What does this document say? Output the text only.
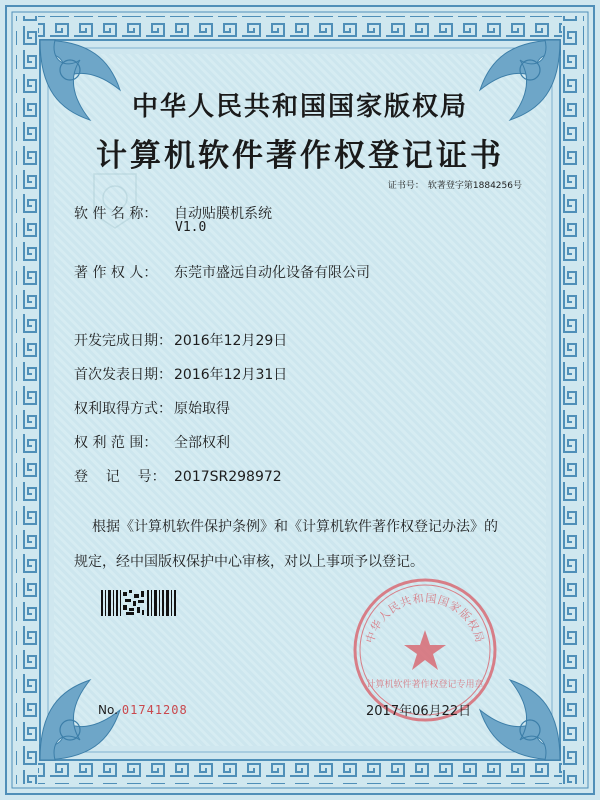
中华人民共和国国家版权局
计算机软件著作权登记证书
证书号： 软著登字第1884256号
软 件 名 称： 自动贴膜机系统
V1.0
著 作 权 人： 东莞市盛远自动化设备有限公司
开发完成日期： 2016年12月29日
首次发表日期： 2016年12月31日
权利取得方式： 原始取得
权 利 范 围： 全部权利
登    记    号： 2017SR298972
根据《计算机软件保护条例》和《计算机软件著作权登记办法》的
规定，经中国版权保护中心审核，对以上事项予以登记。
中华人民共和国国家版权局
计算机软件著作权登记专用章
No. 01741208	2017年06月22日
